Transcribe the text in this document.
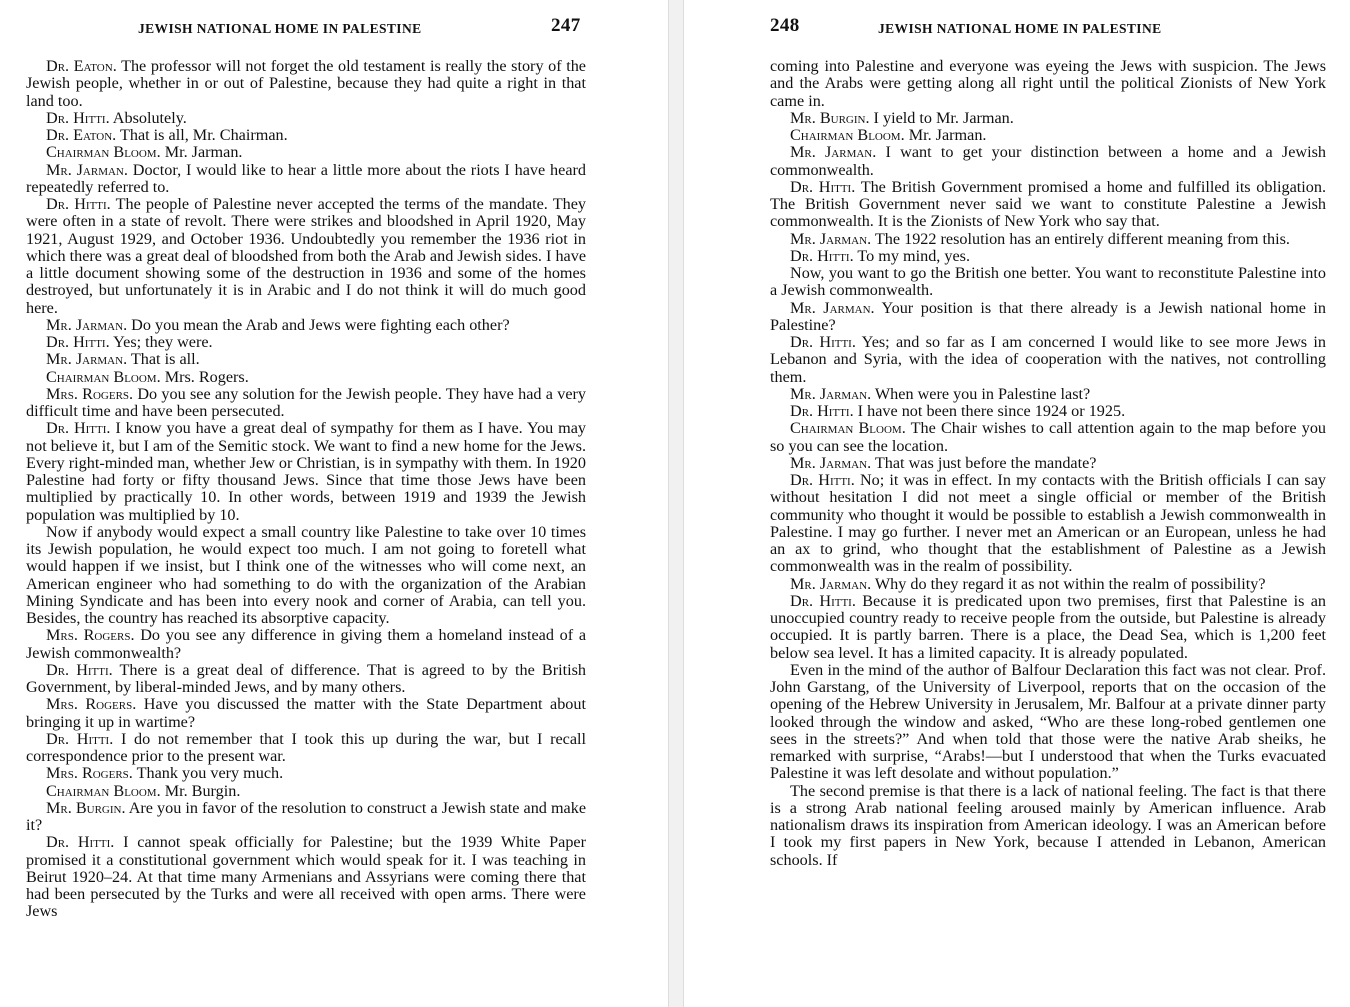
JEWISH NATIONAL HOME IN PALESTINE	247

Dr. Eaton. The professor will not forget the old testament is really the story of the Jewish people, whether in or out of Palestine, because they had quite a right in that land too.

Dr. Hitti. Absolutely.

Dr. Eaton. That is all, Mr. Chairman.

Chairman Bloom. Mr. Jarman.

Mr. Jarman. Doctor, I would like to hear a little more about the riots I have heard repeatedly referred to.

Dr. Hitti. The people of Palestine never accepted the terms of the mandate. They were often in a state of revolt. There were strikes and bloodshed in April 1920, May 1921, August 1929, and October 1936. Undoubtedly you remember the 1936 riot in which there was a great deal of bloodshed from both the Arab and Jewish sides. I have a little document showing some of the destruction in 1936 and some of the homes destroyed, but unfortunately it is in Arabic and I do not think it will do much good here.

Mr. Jarman. Do you mean the Arab and Jews were fighting each other?

Dr. Hitti. Yes; they were.

Mr. Jarman. That is all.

Chairman Bloom. Mrs. Rogers.

Mrs. Rogers. Do you see any solution for the Jewish people. They have had a very difficult time and have been persecuted.

Dr. Hitti. I know you have a great deal of sympathy for them as I have. You may not believe it, but I am of the Semitic stock. We want to find a new home for the Jews. Every right-minded man, whether Jew or Christian, is in sympathy with them. In 1920 Palestine had forty or fifty thousand Jews. Since that time those Jews have been multiplied by practically 10. In other words, between 1919 and 1939 the Jewish population was multiplied by 10.

Now if anybody would expect a small country like Palestine to take over 10 times its Jewish population, he would expect too much. I am not going to foretell what would happen if we insist, but I think one of the witnesses who will come next, an American engineer who had something to do with the organization of the Arabian Mining Syndicate and has been into every nook and corner of Arabia, can tell you. Besides, the country has reached its absorptive capacity.

Mrs. Rogers. Do you see any difference in giving them a homeland instead of a Jewish commonwealth?

Dr. Hitti. There is a great deal of difference. That is agreed to by the British Government, by liberal-minded Jews, and by many others.

Mrs. Rogers. Have you discussed the matter with the State Department about bringing it up in wartime?

Dr. Hitti. I do not remember that I took this up during the war, but I recall correspondence prior to the present war.

Mrs. Rogers. Thank you very much.

Chairman Bloom. Mr. Burgin.

Mr. Burgin. Are you in favor of the resolution to construct a Jewish state and make it?

Dr. Hitti. I cannot speak officially for Palestine; but the 1939 White Paper promised it a constitutional government which would speak for it. I was teaching in Beirut 1920–24. At that time many Armenians and Assyrians were coming there that had been persecuted by the Turks and were all received with open arms. There were Jews

248	JEWISH NATIONAL HOME IN PALESTINE

coming into Palestine and everyone was eyeing the Jews with suspicion. The Jews and the Arabs were getting along all right until the political Zionists of New York came in.

Mr. Burgin. I yield to Mr. Jarman.

Chairman Bloom. Mr. Jarman.

Mr. Jarman. I want to get your distinction between a home and a Jewish commonwealth.

Dr. Hitti. The British Government promised a home and fulfilled its obligation. The British Government never said we want to constitute Palestine a Jewish commonwealth. It is the Zionists of New York who say that.

Mr. Jarman. The 1922 resolution has an entirely different meaning from this.

Dr. Hitti. To my mind, yes.

Now, you want to go the British one better. You want to reconstitute Palestine into a Jewish commonwealth.

Mr. Jarman. Your position is that there already is a Jewish national home in Palestine?

Dr. Hitti. Yes; and so far as I am concerned I would like to see more Jews in Lebanon and Syria, with the idea of cooperation with the natives, not controlling them.

Mr. Jarman. When were you in Palestine last?

Dr. Hitti. I have not been there since 1924 or 1925.

Chairman Bloom. The Chair wishes to call attention again to the map before you so you can see the location.

Mr. Jarman. That was just before the mandate?

Dr. Hitti. No; it was in effect. In my contacts with the British officials I can say without hesitation I did not meet a single official or member of the British community who thought it would be possible to establish a Jewish commonwealth in Palestine. I may go further. I never met an American or an European, unless he had an ax to grind, who thought that the establishment of Palestine as a Jewish commonwealth was in the realm of possibility.

Mr. Jarman. Why do they regard it as not within the realm of possibility?

Dr. Hitti. Because it is predicated upon two premises, first that Palestine is an unoccupied country ready to receive people from the outside, but Palestine is already occupied. It is partly barren. There is a place, the Dead Sea, which is 1,200 feet below sea level. It has a limited capacity. It is already populated.

Even in the mind of the author of Balfour Declaration this fact was not clear. Prof. John Garstang, of the University of Liverpool, reports that on the occasion of the opening of the Hebrew University in Jerusalem, Mr. Balfour at a private dinner party looked through the window and asked, “Who are these long-robed gentlemen one sees in the streets?” And when told that those were the native Arab sheiks, he remarked with surprise, “Arabs!—but I understood that when the Turks evacuated Palestine it was left desolate and without population.”

The second premise is that there is a lack of national feeling. The fact is that there is a strong Arab national feeling aroused mainly by American influence. Arab nationalism draws its inspiration from American ideology. I was an American before I took my first papers in New York, because I attended in Lebanon, American schools. If
